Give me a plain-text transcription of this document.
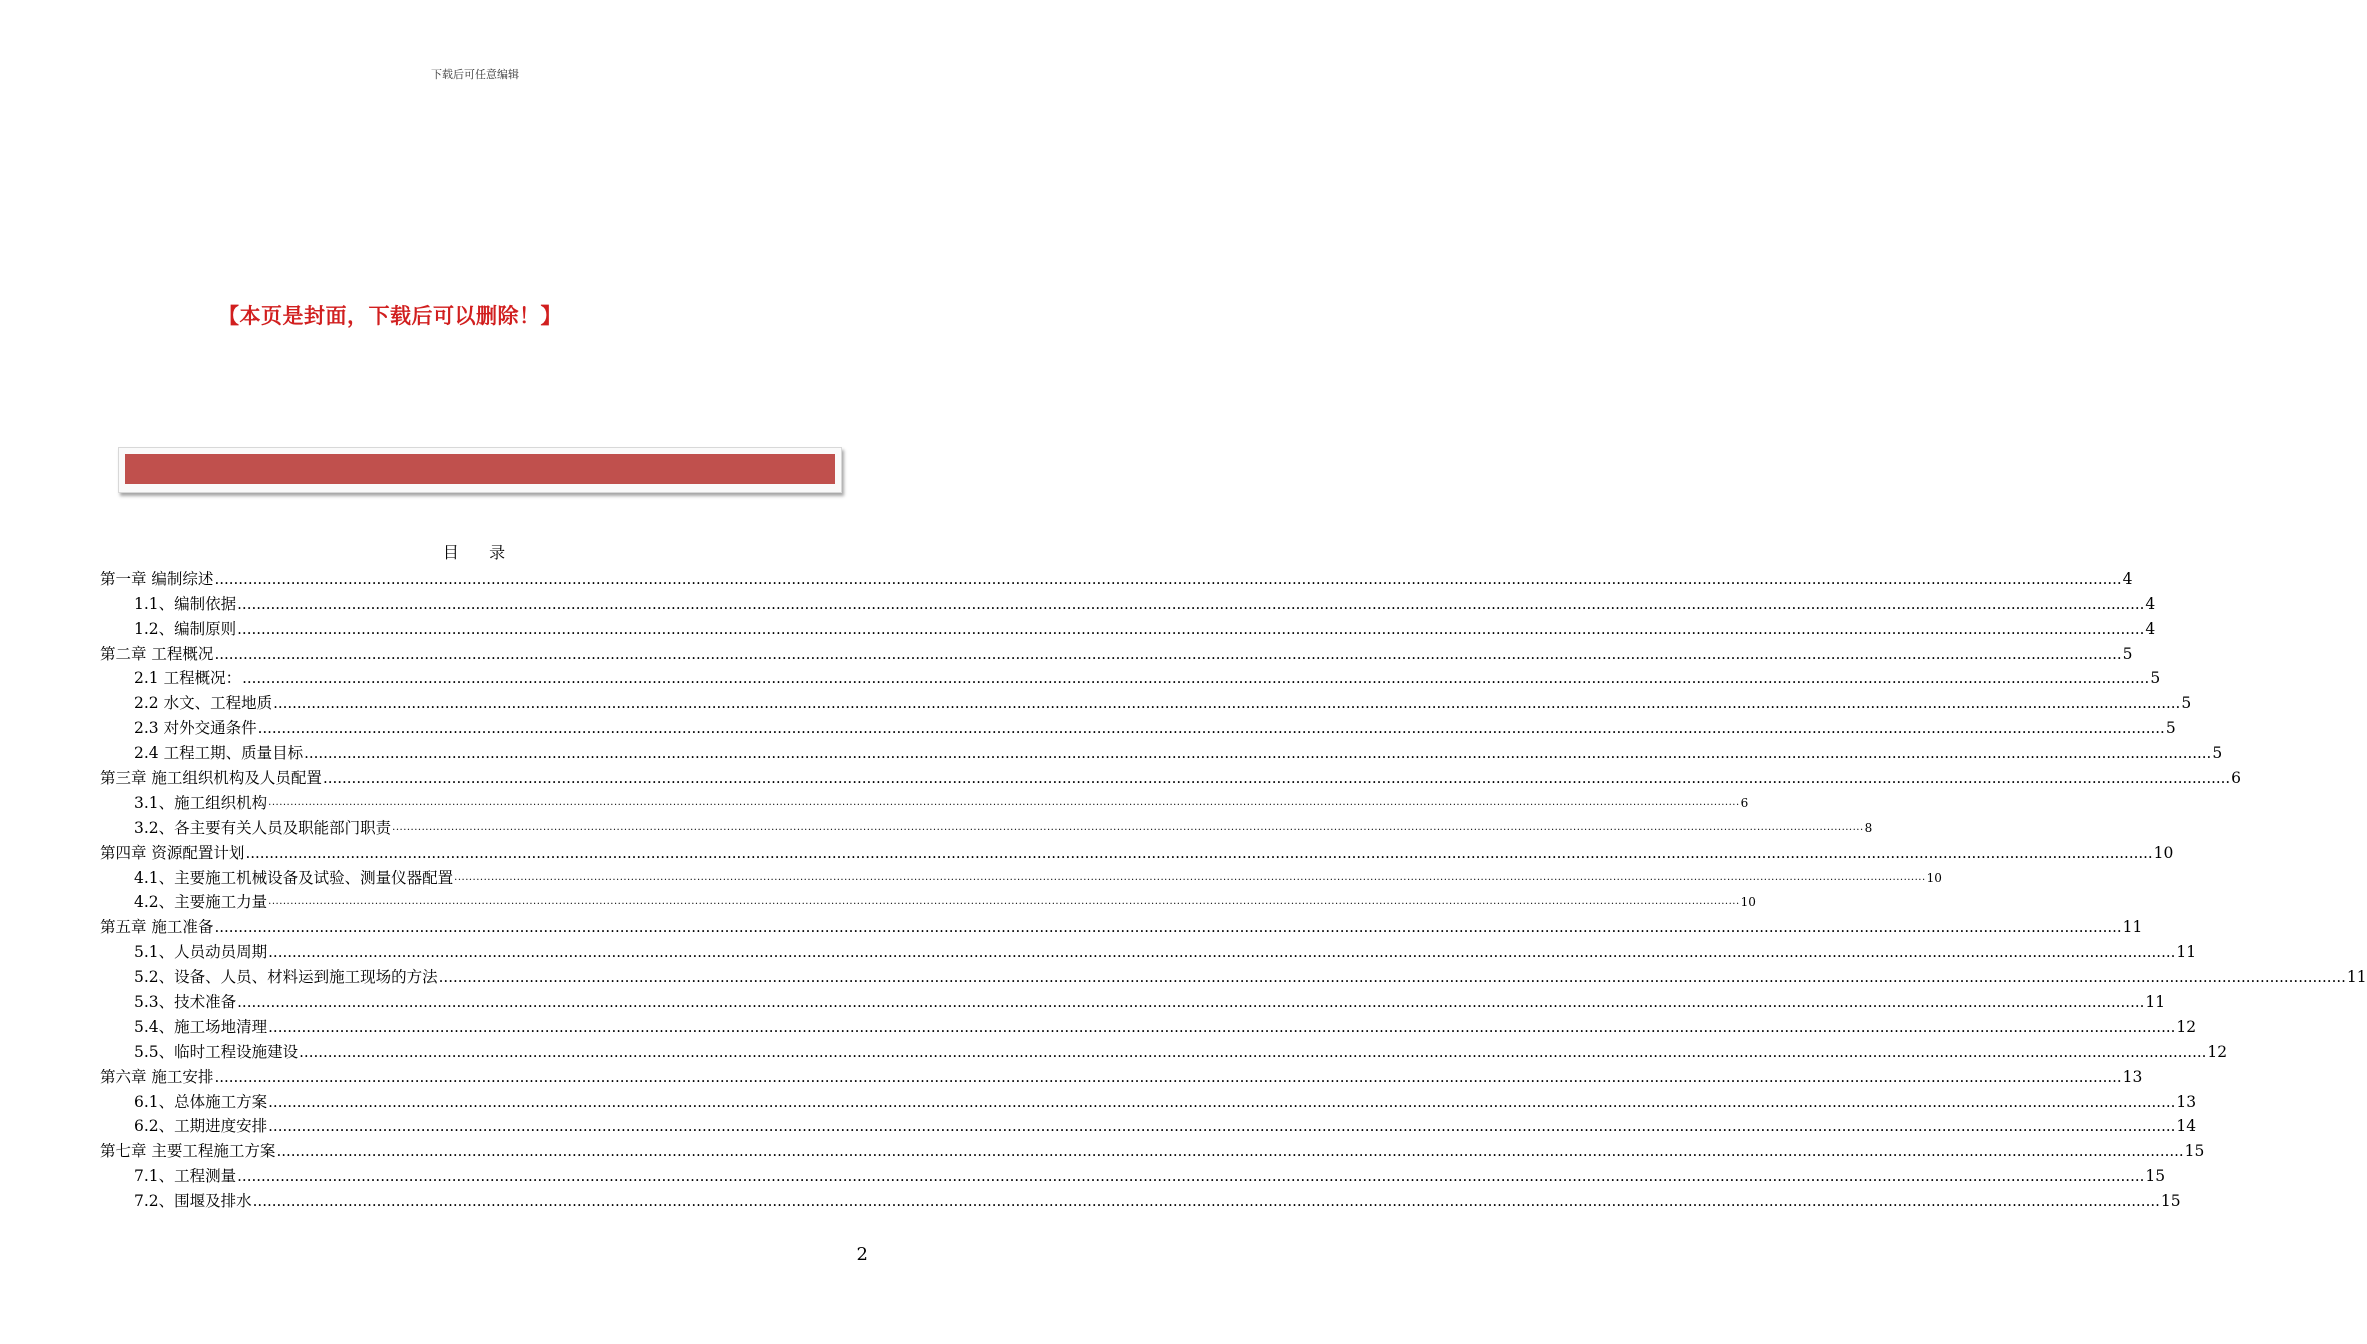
下载后可任意编辑
【本页是封面，下载后可以删除！】
目    录
第一章 编制综述 ................................................................................................................................................................................................................................................................................................................................................................................................................ 4
1.1、编制依据 ................................................................................................................................................................................................................................................................................................................................................................................................................ 4
1.2、编制原则 ................................................................................................................................................................................................................................................................................................................................................................................................................ 4
第二章 工程概况 ................................................................................................................................................................................................................................................................................................................................................................................................................ 5
2.1 工程概况： ................................................................................................................................................................................................................................................................................................................................................................................................................ 5
2.2 水文、工程地质 ................................................................................................................................................................................................................................................................................................................................................................................................................ 5
2.3 对外交通条件 ................................................................................................................................................................................................................................................................................................................................................................................................................ 5
2.4 工程工期、质量目标 ................................................................................................................................................................................................................................................................................................................................................................................................................ 5
第三章 施工组织机构及人员配置 ................................................................................................................................................................................................................................................................................................................................................................................................................ 6
3.1、施工组织机构 ................................................................................................................................................................................................................................................................................................................................................................................................................ 6
3.2、各主要有关人员及职能部门职责 ................................................................................................................................................................................................................................................................................................................................................................................................................ 8
第四章 资源配置计划 ................................................................................................................................................................................................................................................................................................................................................................................................................ 10
4.1、主要施工机械设备及试验、测量仪器配置 ................................................................................................................................................................................................................................................................................................................................................................................................................ 10
4.2、主要施工力量 ................................................................................................................................................................................................................................................................................................................................................................................................................ 10
第五章 施工准备 ................................................................................................................................................................................................................................................................................................................................................................................................................ 11
5.1、人员动员周期 ................................................................................................................................................................................................................................................................................................................................................................................................................ 11
5.2、设备、人员、材料运到施工现场的方法 ................................................................................................................................................................................................................................................................................................................................................................................................................ 11
5.3、技术准备 ................................................................................................................................................................................................................................................................................................................................................................................................................ 11
5.4、施工场地清理 ................................................................................................................................................................................................................................................................................................................................................................................................................ 12
5.5、临时工程设施建设 ................................................................................................................................................................................................................................................................................................................................................................................................................ 12
第六章 施工安排 ................................................................................................................................................................................................................................................................................................................................................................................................................ 13
6.1、总体施工方案 ................................................................................................................................................................................................................................................................................................................................................................................................................ 13
6.2、工期进度安排 ................................................................................................................................................................................................................................................................................................................................................................................................................ 14
第七章 主要工程施工方案 ................................................................................................................................................................................................................................................................................................................................................................................................................ 15
7.1、工程测量 ................................................................................................................................................................................................................................................................................................................................................................................................................ 15
7.2、围堰及排水 ................................................................................................................................................................................................................................................................................................................................................................................................................ 15
2
